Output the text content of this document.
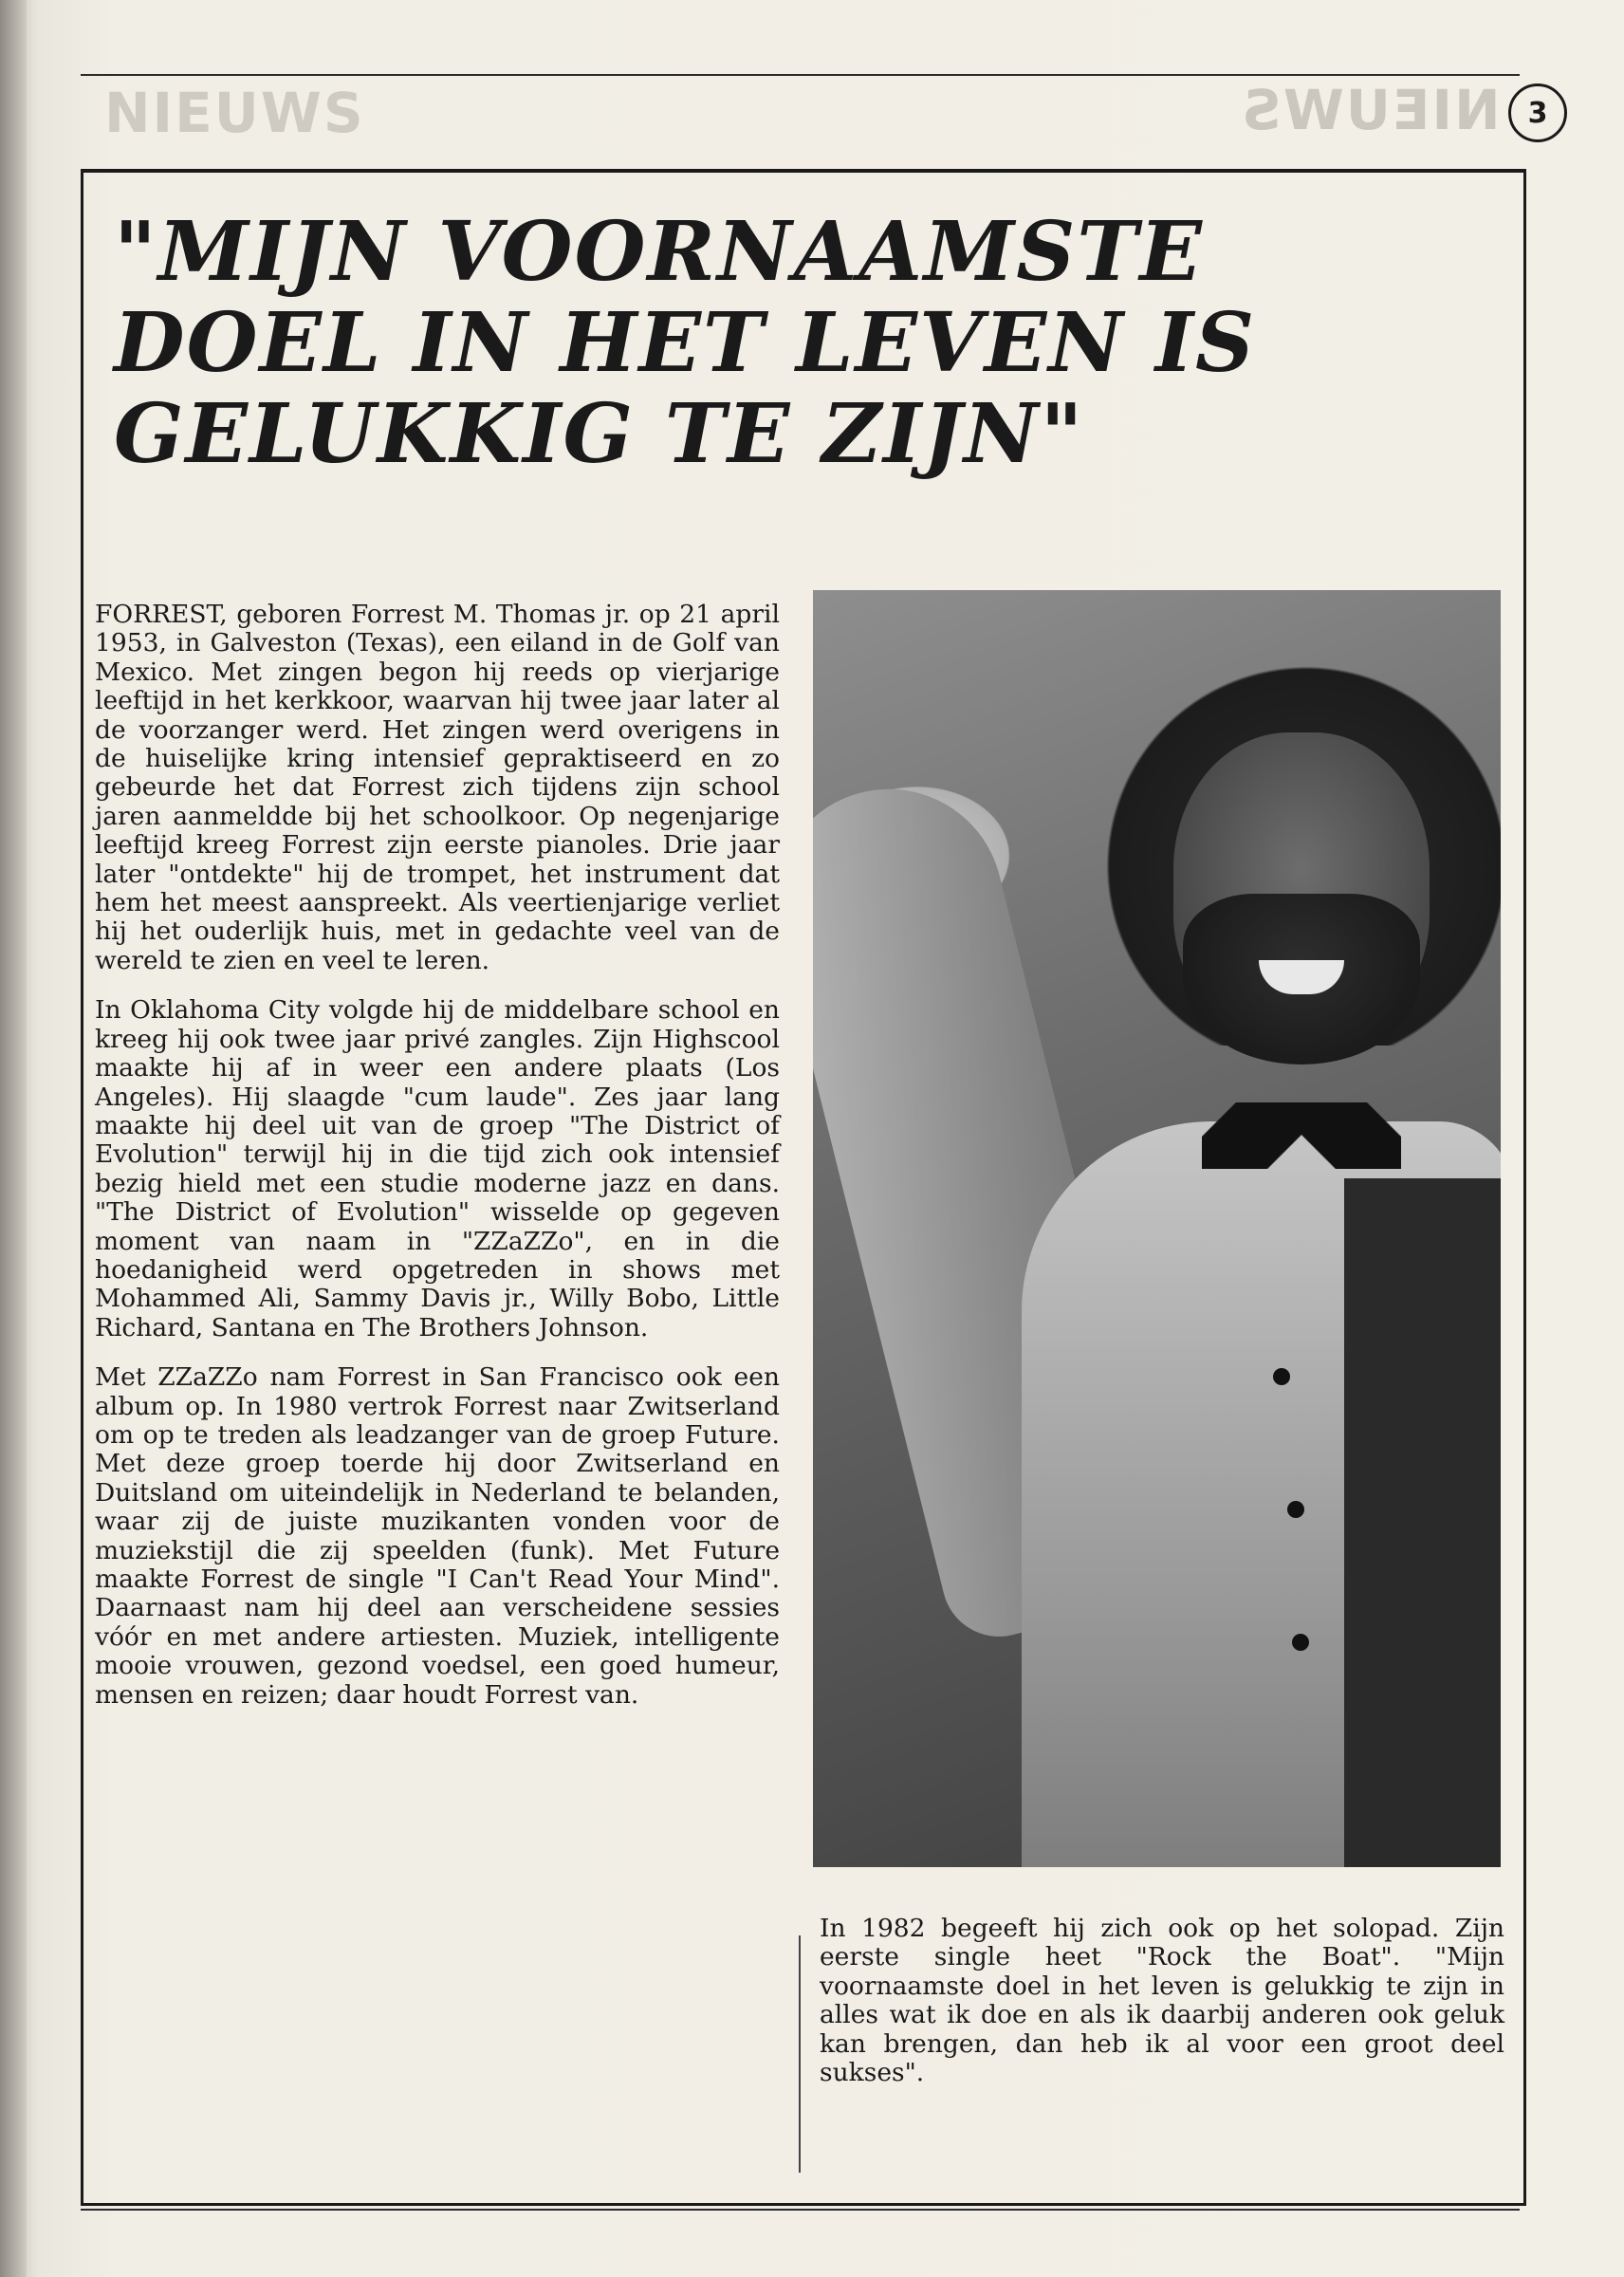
NIEUWS	NIEUWS 3
"MIJN VOORNAAMSTE
DOEL IN HET LEVEN IS
GELUKKIG TE ZIJN"

FORREST, geboren Forrest M. Thomas jr. op 21 april 1953, in Galveston (Texas), een eiland in de Golf van Mexico. Met zingen begon hij reeds op vierjarige leeftijd in het kerkkoor, waarvan hij twee jaar later al de voorzanger werd. Het zingen werd overigens in de huiselijke kring intensief gepraktiseerd en zo gebeurde het dat Forrest zich tijdens zijn school jaren aanmeldde bij het schoolkoor. Op negenjarige leeftijd kreeg Forrest zijn eerste pianoles. Drie jaar later "ontdekte" hij de trompet, het instrument dat hem het meest aanspreekt. Als veertienjarige verliet hij het ouderlijk huis, met in gedachte veel van de wereld te zien en veel te leren.

In Oklahoma City volgde hij de middelbare school en kreeg hij ook twee jaar privé zangles. Zijn Highscool maakte hij af in weer een andere plaats (Los Angeles). Hij slaagde "cum laude". Zes jaar lang maakte hij deel uit van de groep "The District of Evolution" terwijl hij in die tijd zich ook intensief bezig hield met een studie moderne jazz en dans. "The District of Evolution" wisselde op gegeven moment van naam in "ZZaZZo", en in die hoedanigheid werd opgetreden in shows met Mohammed Ali, Sammy Davis jr., Willy Bobo, Little Richard, Santana en The Brothers Johnson.

Met ZZaZZo nam Forrest in San Francisco ook een album op. In 1980 vertrok Forrest naar Zwitserland om op te treden als leadzanger van de groep Future. Met deze groep toerde hij door Zwitserland en Duitsland om uiteindelijk in Nederland te belanden, waar zij de juiste muzikanten vonden voor de muziekstijl die zij speelden (funk). Met Future maakte Forrest de single "I Can't Read Your Mind". Daarnaast nam hij deel aan verscheidene sessies vóór en met andere artiesten. Muziek, intelligente mooie vrouwen, gezond voedsel, een goed humeur, mensen en reizen; daar houdt Forrest van.

In 1982 begeeft hij zich ook op het solopad. Zijn eerste single heet "Rock the Boat". "Mijn voornaamste doel in het leven is gelukkig te zijn in alles wat ik doe en als ik daarbij anderen ook geluk kan brengen, dan heb ik al voor een groot deel sukses".
